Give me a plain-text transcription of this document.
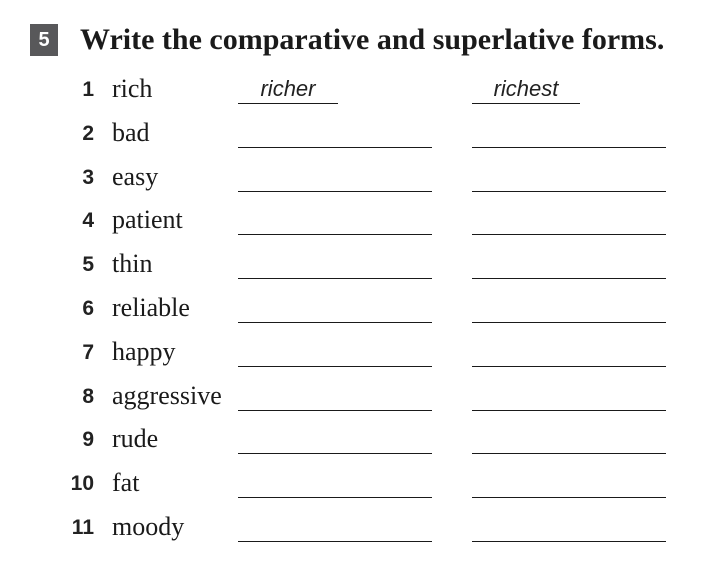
5 Write the comparative and superlative forms.
1 rich	richer	richest
2 bad
3 easy
4 patient
5 thin
6 reliable
7 happy
8 aggressive
9 rude
10 fat
11 moody
